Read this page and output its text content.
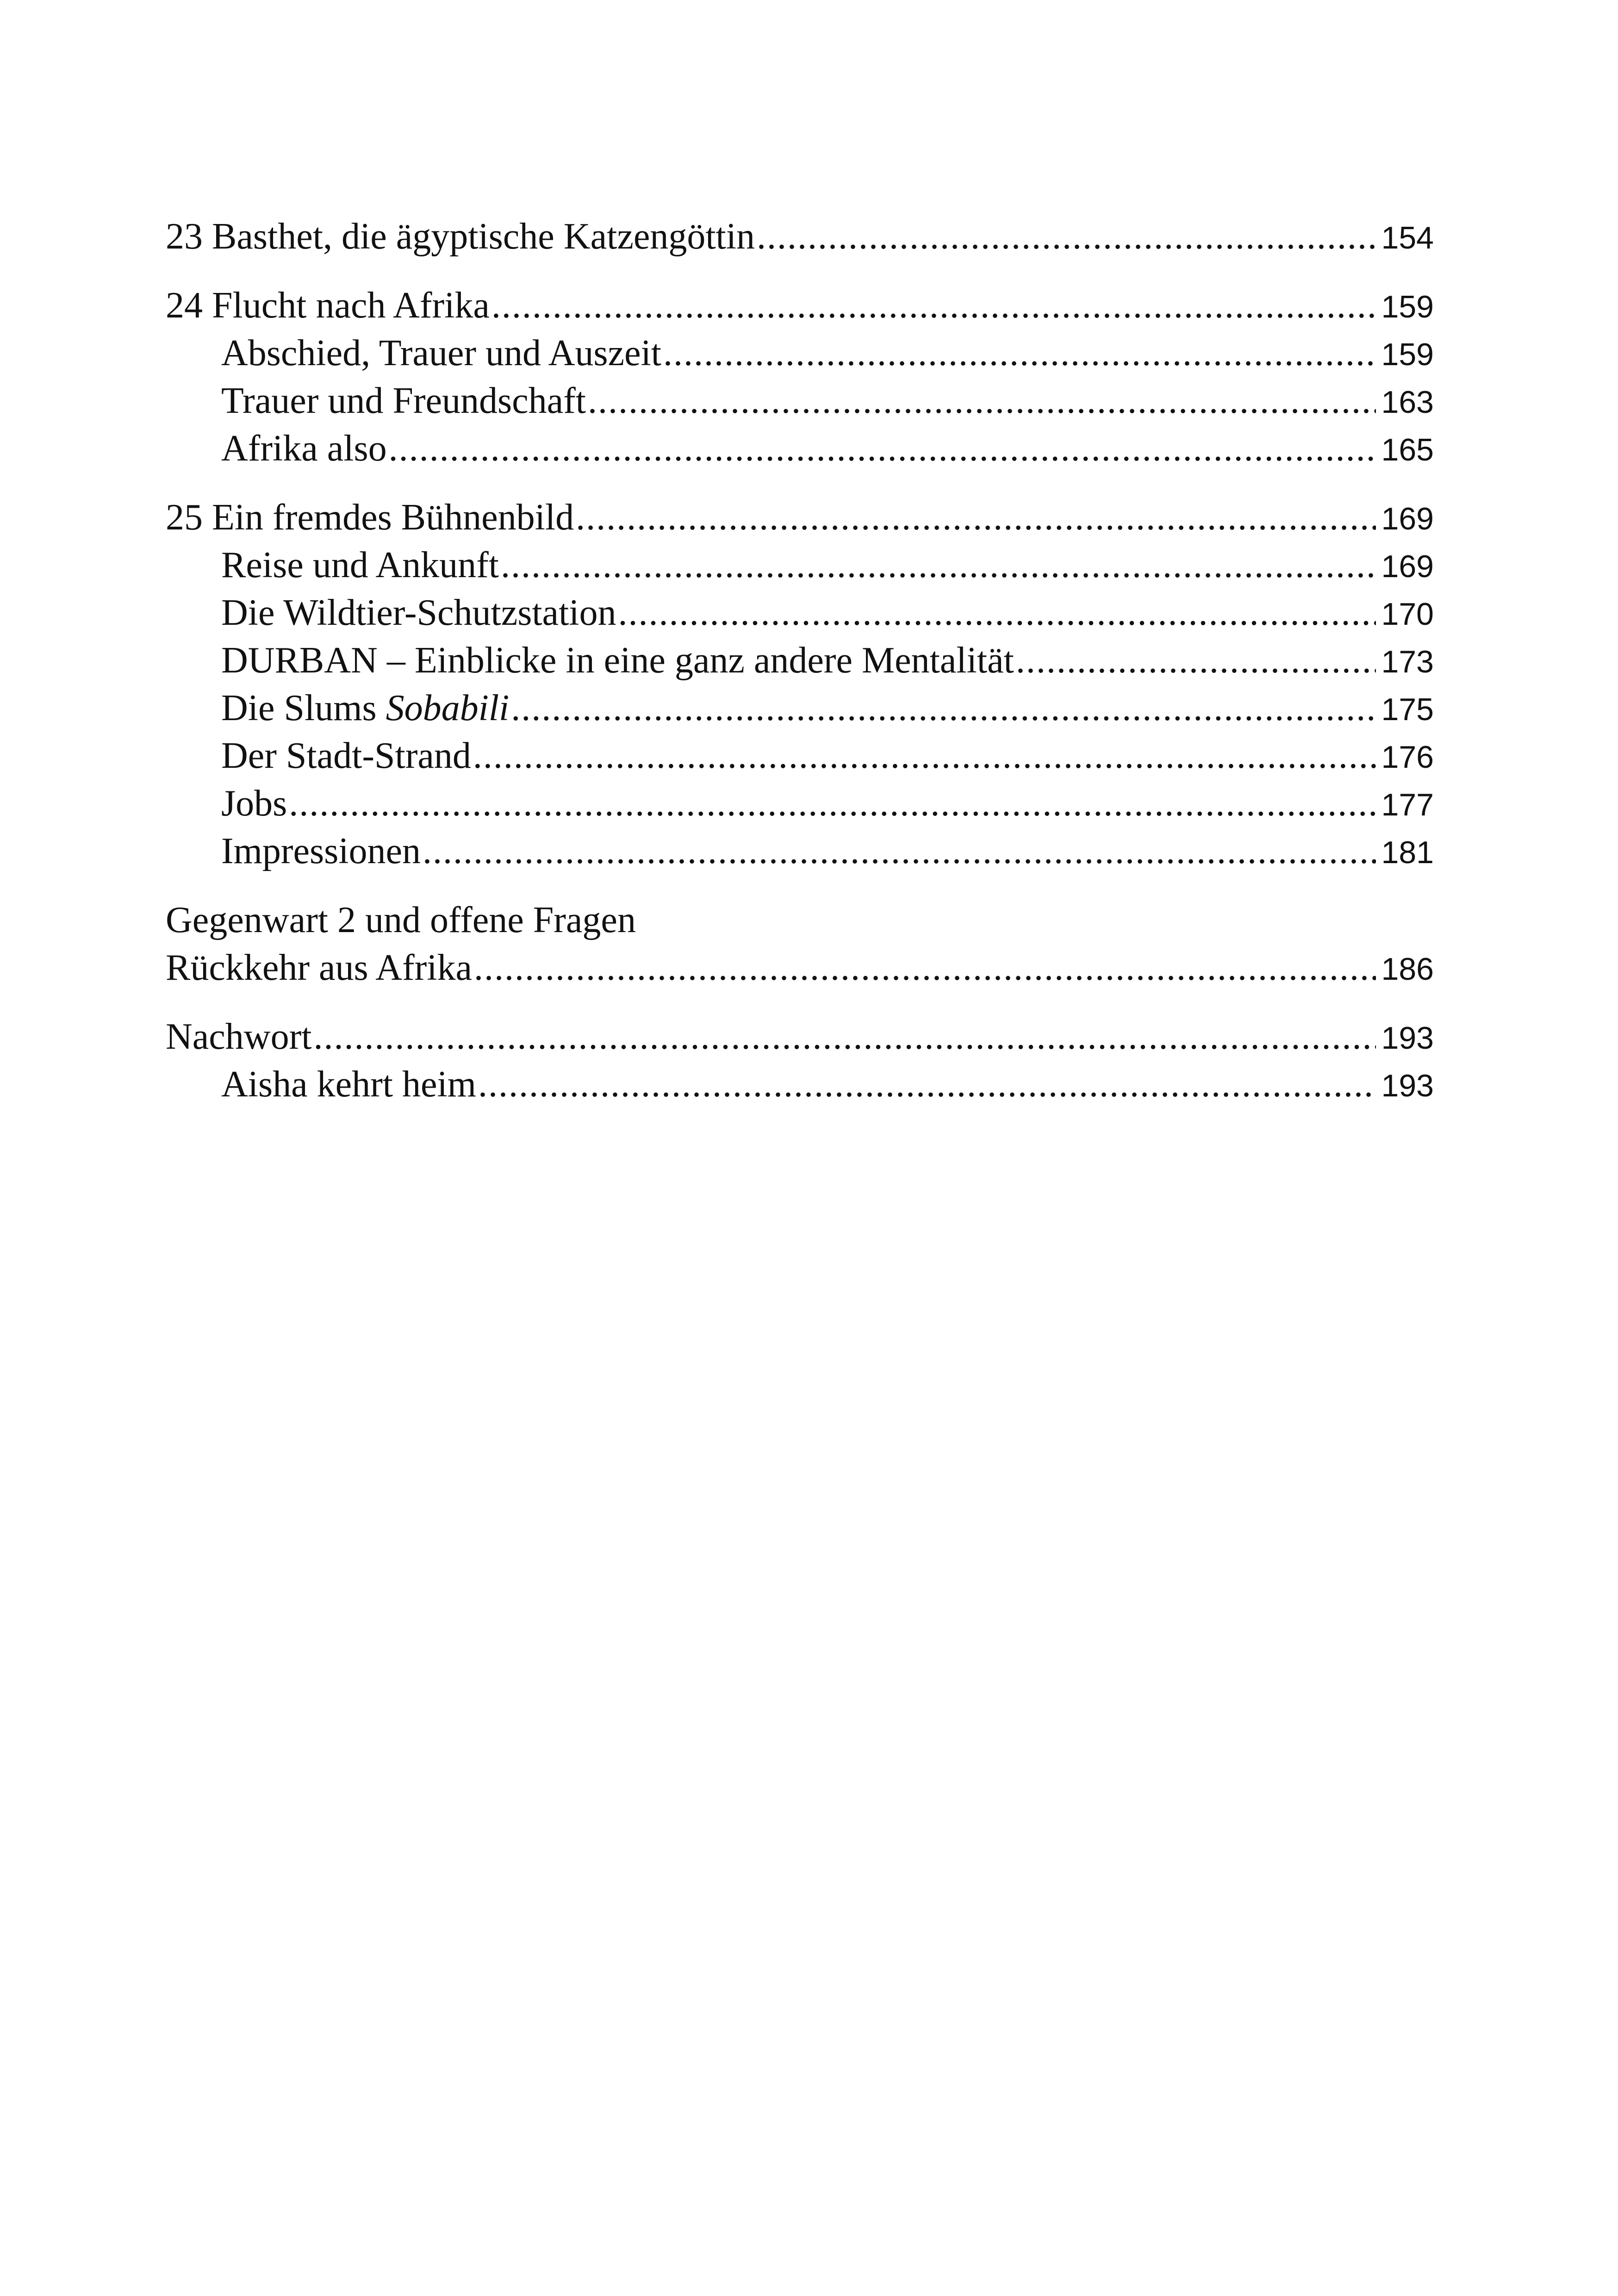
23 Basthet, die ägyptische Katzengöttin .....	154
24 Flucht nach Afrika .....	159
Abschied, Trauer und Auszeit .....	159
Trauer und Freundschaft .....	163
Afrika also .....	165
25 Ein fremdes Bühnenbild .....	169
Reise und Ankunft .....	169
Die Wildtier-Schutzstation .....	170
DURBAN – Einblicke in eine ganz andere Mentalität .....	173
Die Slums Sobabili .....	175
Der Stadt-Strand .....	176
Jobs .....	177
Impressionen .....	181
Gegenwart 2 und offene Fragen
Rückkehr aus Afrika .....	186
Nachwort .....	193
Aisha kehrt heim .....	193
